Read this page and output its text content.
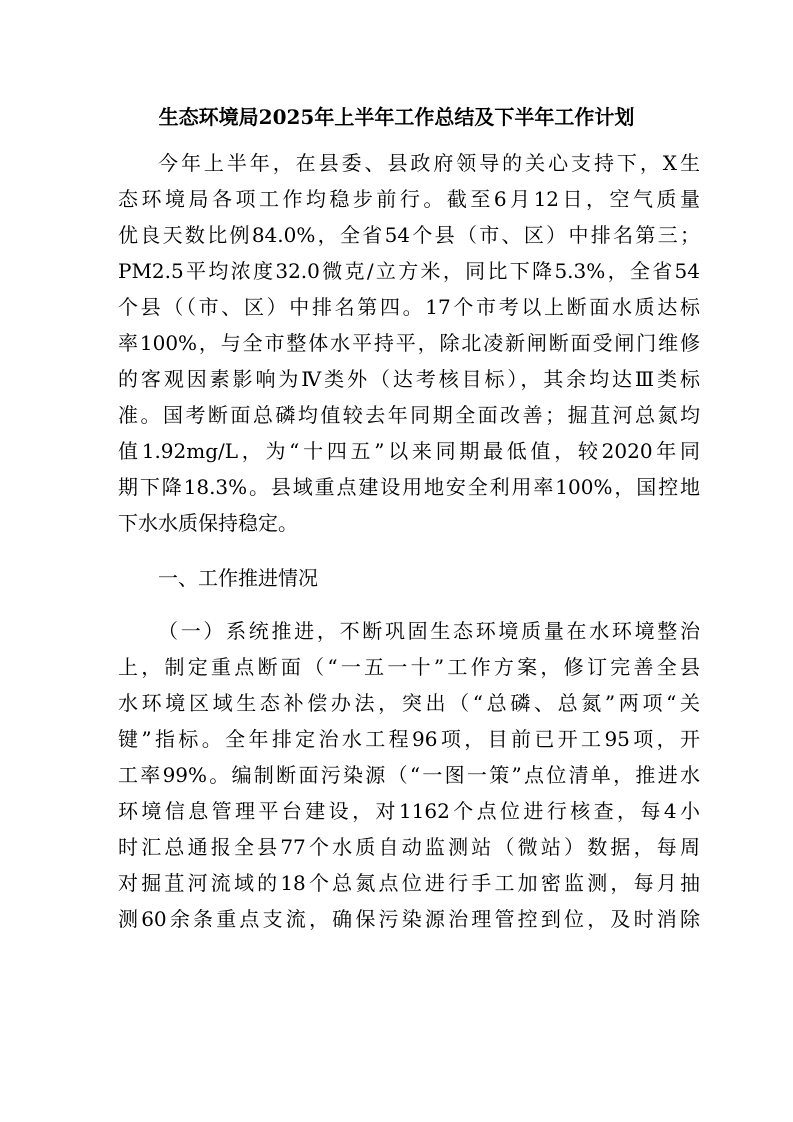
生态环境局2025年上半年工作总结及下半年工作计划
今年上半年，在县委、县政府领导的关心支持下，X生
态环境局各项工作均稳步前行。截至6月12日，空气质量
优良天数比例84.0%，全省54个县（市、区）中排名第三；
PM2.5平均浓度32.0微克/立方米，同比下降5.3%，全省54
个县（（市、区）中排名第四。17个市考以上断面水质达标
率100%，与全市整体水平持平，除北凌新闸断面受闸门维修
的客观因素影响为Ⅳ类外（达考核目标），其余均达Ⅲ类标
准。国考断面总磷均值较去年同期全面改善；掘苴河总氮均
值1.92mg/L，为“十四五”以来同期最低值，较2020年同
期下降18.3%。县域重点建设用地安全利用率100%，国控地
下水水质保持稳定。
一、工作推进情况
（一）系统推进，不断巩固生态环境质量在水环境整治
上，制定重点断面（“一五一十”工作方案，修订完善全县
水环境区域生态补偿办法，突出（“总磷、总氮”两项“关
键”指标。全年排定治水工程96项，目前已开工95项，开
工率99%。编制断面污染源（“一图一策”点位清单，推进水
环境信息管理平台建设，对1162个点位进行核查，每4小
时汇总通报全县77个水质自动监测站（微站）数据，每周
对掘苴河流域的18个总氮点位进行手工加密监测，每月抽
测60余条重点支流，确保污染源治理管控到位，及时消除
